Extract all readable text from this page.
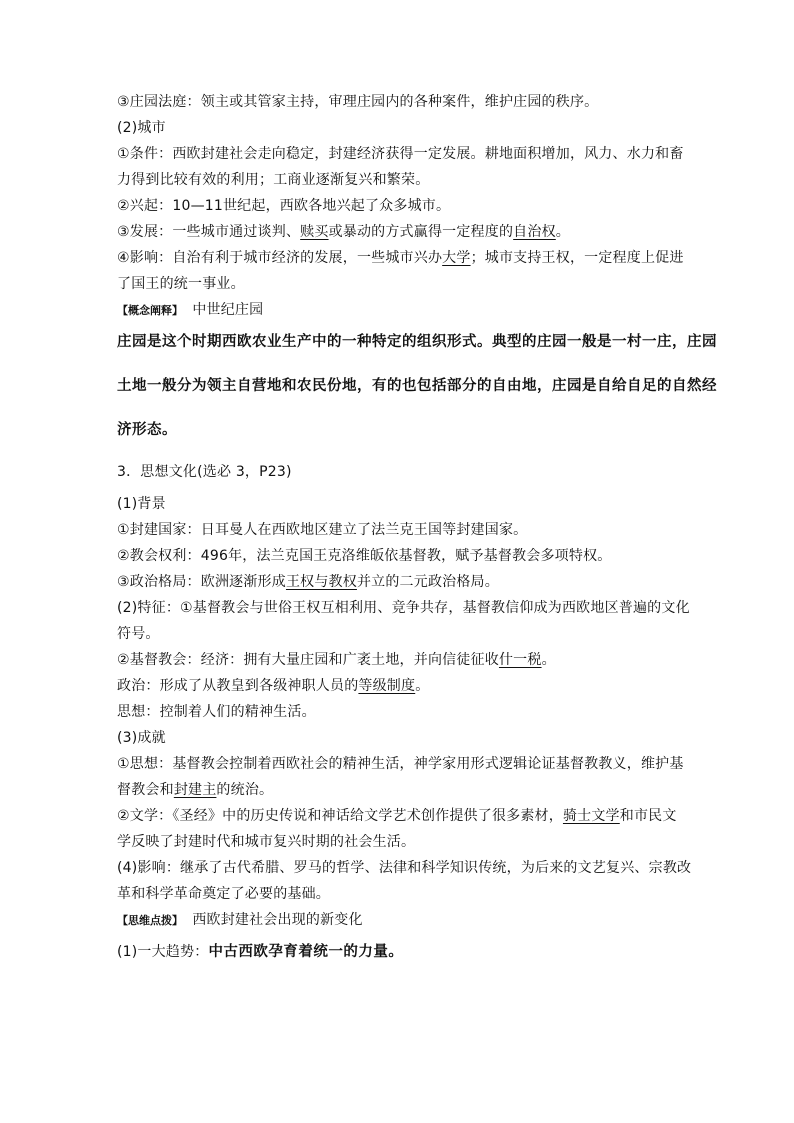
③庄园法庭：领主或其管家主持，审理庄园内的各种案件，维护庄园的秩序。
(2)城市
①条件：西欧封建社会走向稳定，封建经济获得一定发展。耕地面积增加，风力、水力和畜
力得到比较有效的利用；工商业逐渐复兴和繁荣。
②兴起：10—11世纪起，西欧各地兴起了众多城市。
③发展：一些城市通过谈判、赎买或暴动的方式赢得一定程度的自治权。
④影响：自治有利于城市经济的发展，一些城市兴办大学；城市支持王权，一定程度上促进
了国王的统一事业。
【概念阐释】 中世纪庄园
庄园是这个时期西欧农业生产中的一种特定的组织形式。典型的庄园一般是一村一庄，庄园
土地一般分为领主自营地和农民份地，有的也包括部分的自由地，庄园是自给自足的自然经
济形态。
3．思想文化(选必 3，P23)
(1)背景
①封建国家：日耳曼人在西欧地区建立了法兰克王国等封建国家。
②教会权利：496年，法兰克国王克洛维皈依基督教，赋予基督教会多项特权。
③政治格局：欧洲逐渐形成王权与教权并立的二元政治格局。
(2)特征：①基督教会与世俗王权互相利用、竞争共存，基督教信仰成为西欧地区普遍的文化
符号。
②基督教会：经济：拥有大量庄园和广袤土地，并向信徒征收什一税。
政治：形成了从教皇到各级神职人员的等级制度。
思想：控制着人们的精神生活。
(3)成就
①思想：基督教会控制着西欧社会的精神生活，神学家用形式逻辑论证基督教教义，维护基
督教会和封建主的统治。
②文学：《圣经》中的历史传说和神话给文学艺术创作提供了很多素材，骑士文学和市民文
学反映了封建时代和城市复兴时期的社会生活。
(4)影响：继承了古代希腊、罗马的哲学、法律和科学知识传统，为后来的文艺复兴、宗教改
革和科学革命奠定了必要的基础。
【思维点拨】 西欧封建社会出现的新变化
(1)一大趋势：中古西欧孕育着统一的力量。
